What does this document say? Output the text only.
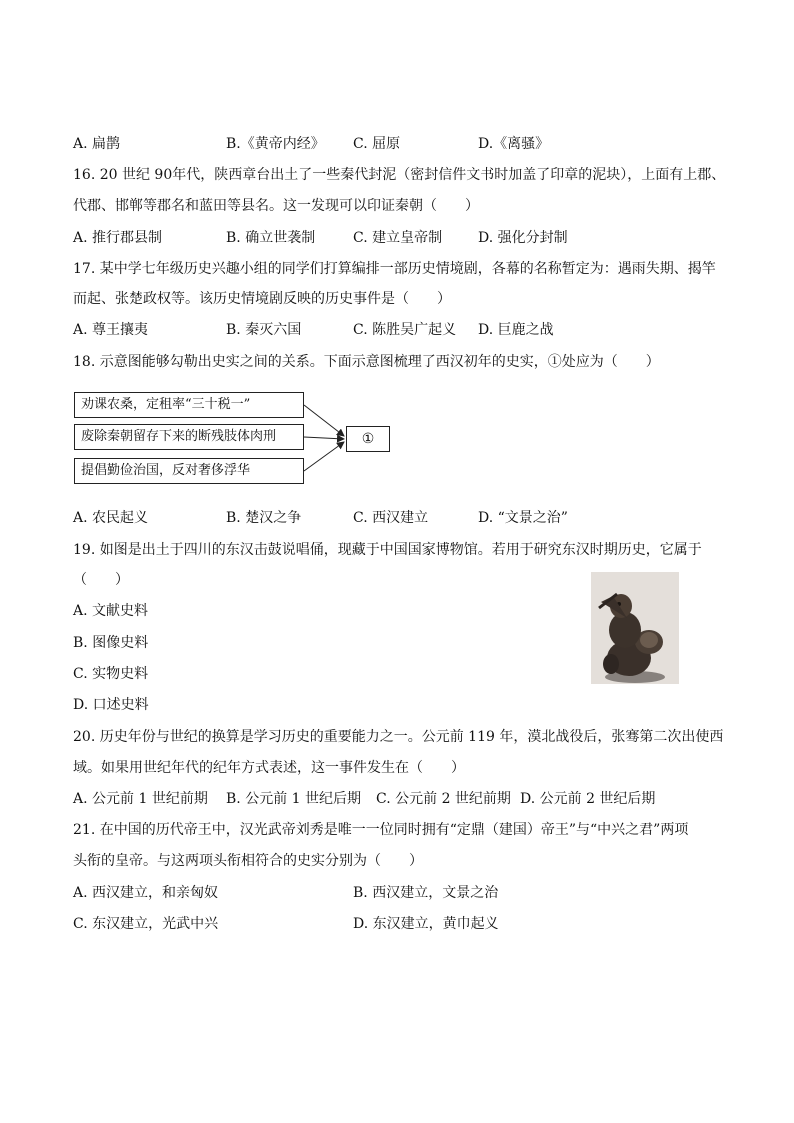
A. 扁鹊	B.《黄帝内经》 C. 屈原	D.《离骚》
16. 20 世纪 90年代，陕西章台出土了一些秦代封泥（密封信件文书时加盖了印章的泥块），上面有上郡、
代郡、邯郸等郡名和蓝田等县名。这一发现可以印证秦朝（　　）
A. 推行郡县制	B. 确立世袭制	C. 建立皇帝制	D. 强化分封制
17. 某中学七年级历史兴趣小组的同学们打算编排一部历史情境剧，各幕的名称暂定为：遇雨失期、揭竿
而起、张楚政权等。该历史情境剧反映的历史事件是（　　）
A. 尊王攘夷	B. 秦灭六国	C. 陈胜吴广起义 D. 巨鹿之战
18. 示意图能够勾勒出史实之间的关系。下面示意图梳理了西汉初年的史实，①处应为（　　）
劝课农桑，定租率“三十税一”
废除秦朝留存下来的断残肢体肉刑
提倡勤俭治国，反对奢侈浮华
①
A. 农民起义	B. 楚汉之争	C. 西汉建立	D. “文景之治”
19. 如图是出土于四川的东汉击鼓说唱俑，现藏于中国国家博物馆。若用于研究东汉时期历史，它属于
（　　）
A. 文献史料
B. 图像史料
C. 实物史料
D. 口述史料
20. 历史年份与世纪的换算是学习历史的重要能力之一。公元前 119 年，漠北战役后，张骞第二次出使西
域。如果用世纪年代的纪年方式表述，这一事件发生在（　　）
A. 公元前 1 世纪前期 B. 公元前 1 世纪后期 C. 公元前 2 世纪前期 D. 公元前 2 世纪后期
21. 在中国的历代帝王中，汉光武帝刘秀是唯一一位同时拥有“定鼎（建国）帝王”与“中兴之君”两项
头衔的皇帝。与这两项头衔相符合的史实分别为（　　）
A. 西汉建立，和亲匈奴	B. 西汉建立，文景之治
C. 东汉建立，光武中兴	D. 东汉建立，黄巾起义
